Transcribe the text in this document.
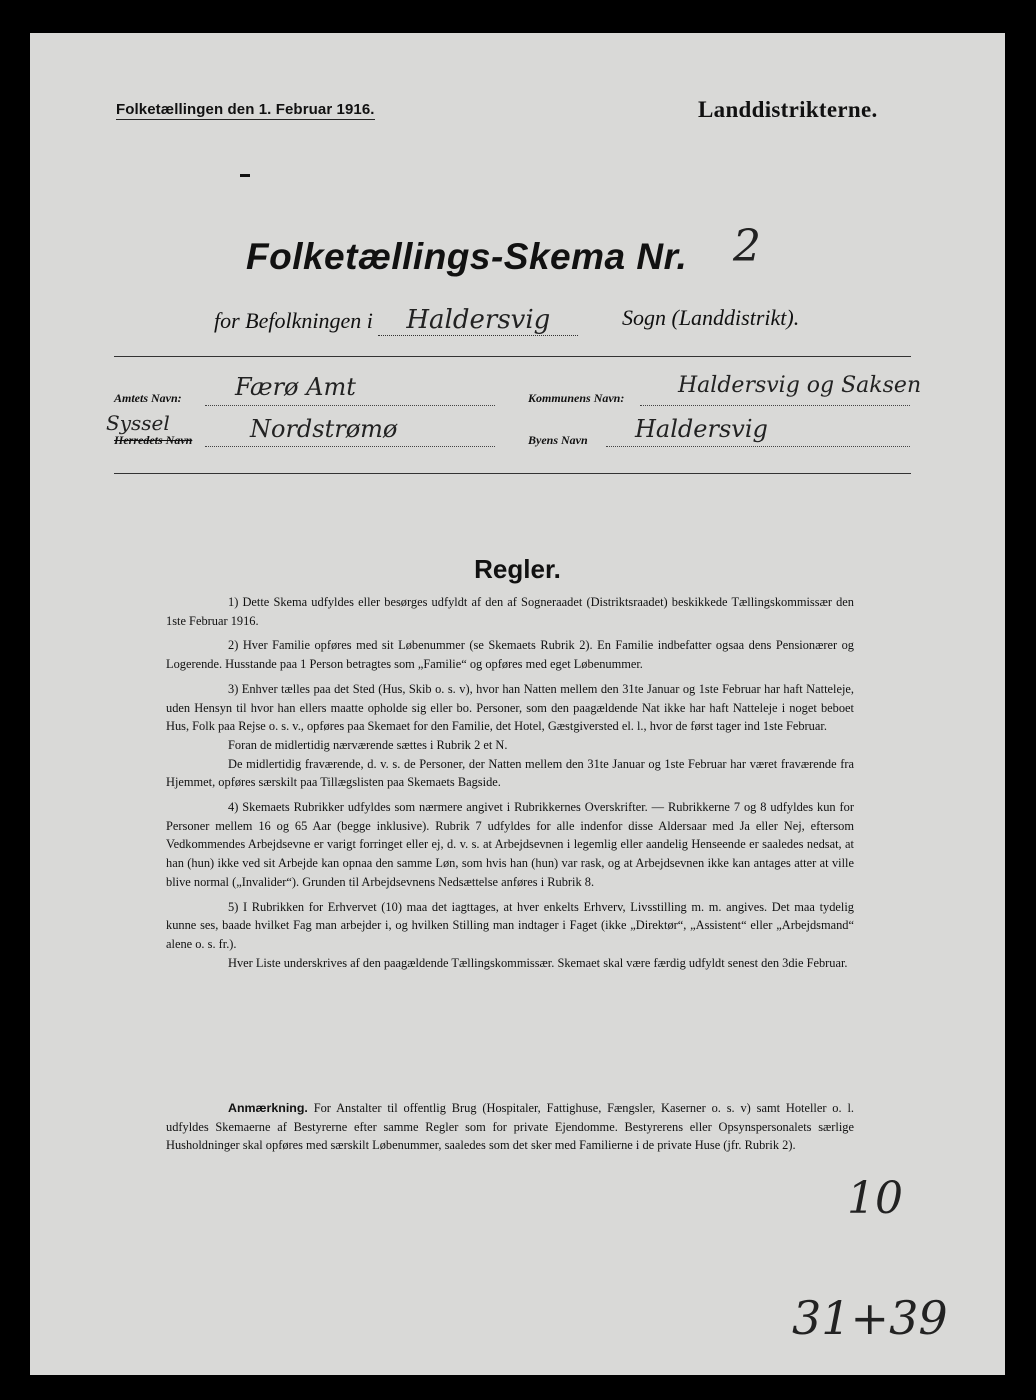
Folketællingen den 1. Februar 1916.	Landdistrikterne.
Folketællings-Skema Nr. 2
for Befolkningen i Haldersvig	Sogn (Landdistrikt).
Amtets Navn: Færø Amt	Kommunens Navn: Haldersvig og Saksen
Syssel
Herredets Navn Nordstrømø	Byens Navn Haldersvig
Regler.

1) Dette Skema udfyldes eller besørges udfyldt af den af Sogneraadet (Distriktsraadet) beskikkede Tællingskommissær den 1ste Februar 1916.

2) Hver Familie opføres med sit Løbenummer (se Skemaets Rubrik 2). En Familie indbefatter ogsaa dens Pensionærer og Logerende. Husstande paa 1 Person betragtes som „Familie“ og opføres med eget Løbenummer.

3) Enhver tælles paa det Sted (Hus, Skib o. s. v), hvor han Natten mellem den 31te Januar og 1ste Februar har haft Natteleje, uden Hensyn til hvor han ellers maatte opholde sig eller bo. Personer, som den paagældende Nat ikke har haft Natteleje i noget beboet Hus, Folk paa Rejse o. s. v., opføres paa Skemaet for den Familie, det Hotel, Gæstgiversted el. l., hvor de først tager ind 1ste Februar.

Foran de midlertidig nærværende sættes i Rubrik 2 et N.

De midlertidig fraværende, d. v. s. de Personer, der Natten mellem den 31te Januar og 1ste Februar har været fraværende fra Hjemmet, opføres særskilt paa Tillægslisten paa Skemaets Bagside.

4) Skemaets Rubrikker udfyldes som nærmere angivet i Rubrikkernes Overskrifter. — Rubrikkerne 7 og 8 udfyldes kun for Personer mellem 16 og 65 Aar (begge inklusive). Rubrik 7 udfyldes for alle indenfor disse Aldersaar med Ja eller Nej, eftersom Vedkommendes Arbejdsevne er varigt forringet eller ej, d. v. s. at Arbejdsevnen i legemlig eller aandelig Henseende er saaledes nedsat, at han (hun) ikke ved sit Arbejde kan opnaa den samme Løn, som hvis han (hun) var rask, og at Arbejdsevnen ikke kan antages atter at ville blive normal („Invalider“). Grunden til Arbejdsevnens Nedsættelse anføres i Rubrik 8.

5) I Rubrikken for Erhvervet (10) maa det iagttages, at hver enkelts Erhverv, Livsstilling m. m. angives. Det maa tydelig kunne ses, baade hvilket Fag man arbejder i, og hvilken Stilling man indtager i Faget (ikke „Direktør“, „Assistent“ eller „Arbejdsmand“ alene o. s. fr.).

Hver Liste underskrives af den paagældende Tællingskommissær. Skemaet skal være færdig udfyldt senest den 3die Februar.

Anmærkning. For Anstalter til offentlig Brug (Hospitaler, Fattighuse, Fængsler, Kaserner o. s. v) samt Hoteller o. l. udfyldes Skemaerne af Bestyrerne efter samme Regler som for private Ejendomme. Bestyrerens eller Opsynspersonalets særlige Husholdninger skal opføres med særskilt Løbenummer, saaledes som det sker med Familierne i de private Huse (jfr. Rubrik 2).
10
31+39
